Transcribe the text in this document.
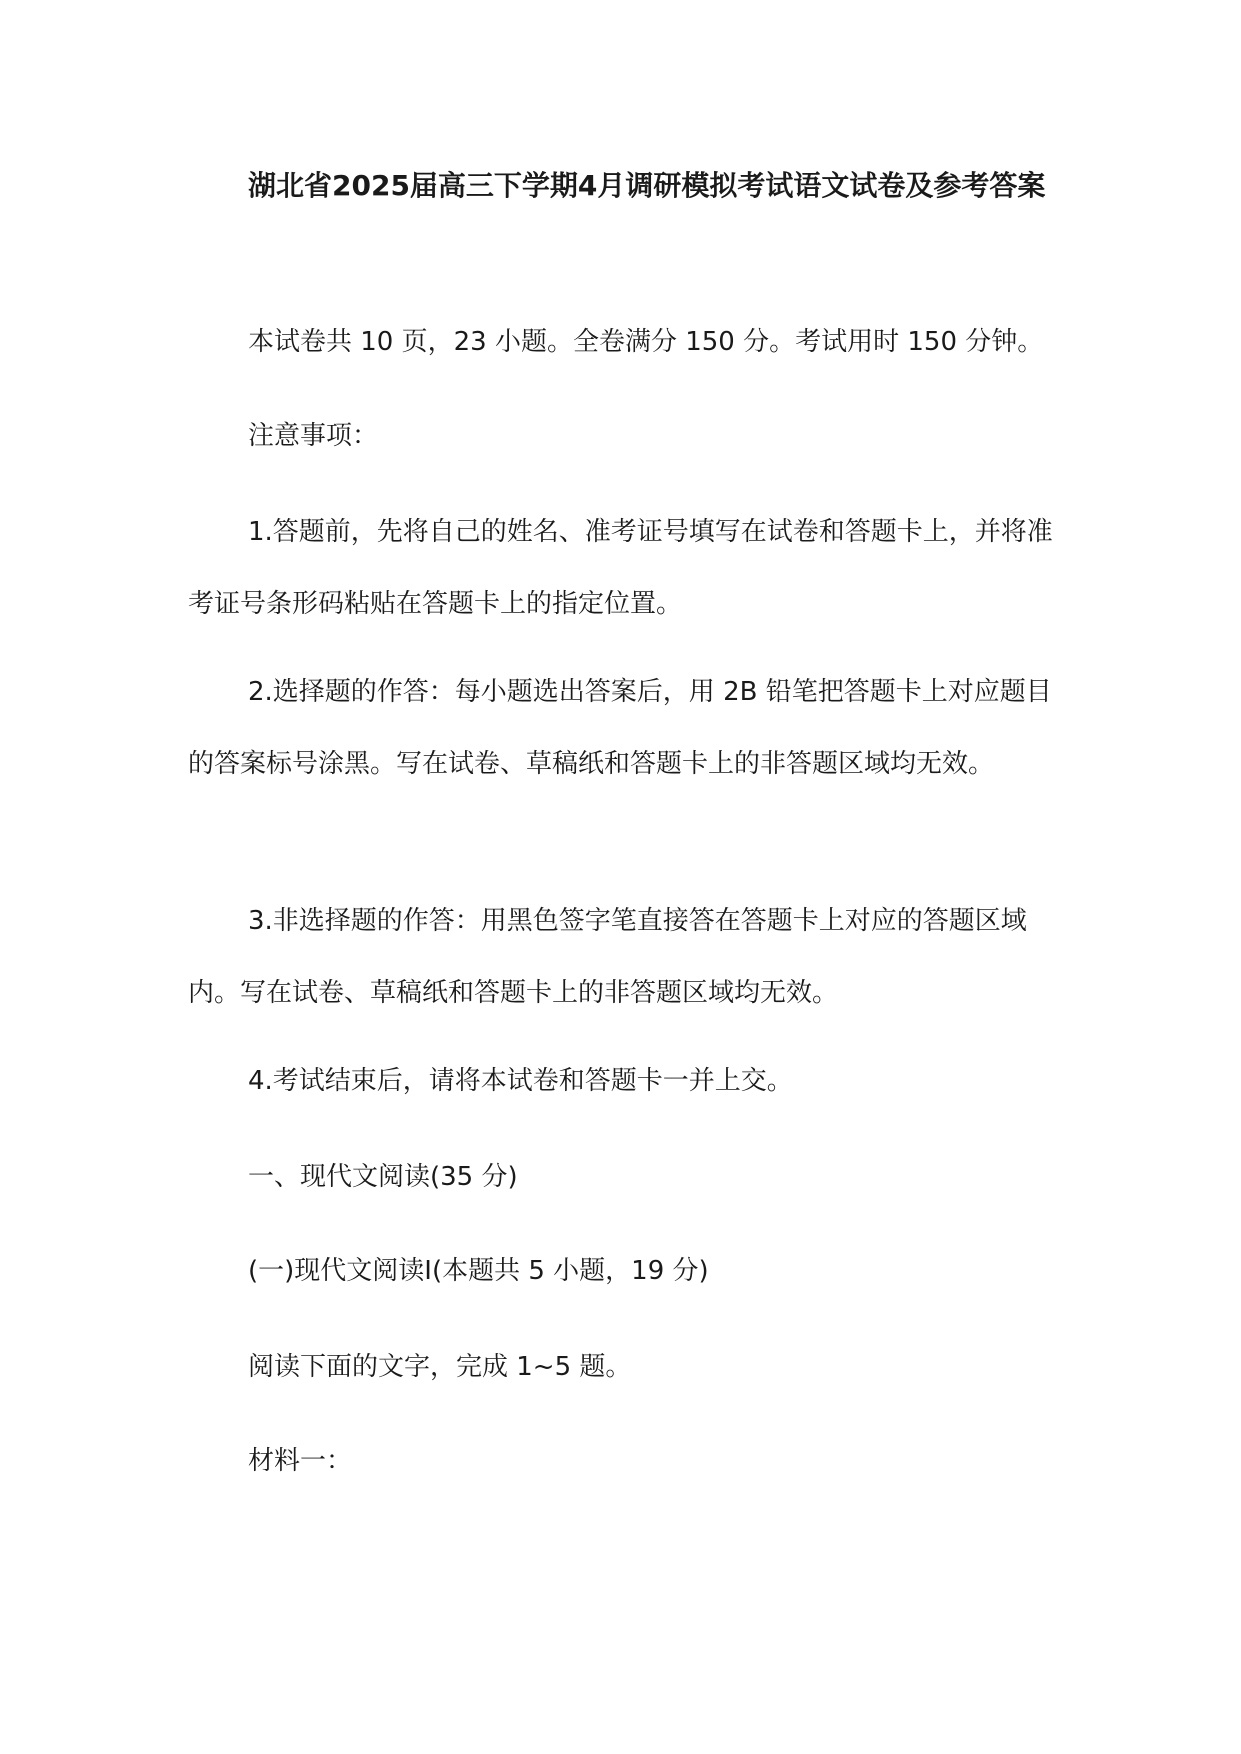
湖北省2025届高三下学期4月调研模拟考试语文试卷及参考答案

本试卷共 10 页，23 小题。全卷满分 150 分。考试用时 150 分钟。

注意事项：

1.答题前，先将自己的姓名、准考证号填写在试卷和答题卡上，并将准考证号条形码粘贴在答题卡上的指定位置。

2.选择题的作答：每小题选出答案后，用 2B 铅笔把答题卡上对应题目的答案标号涂黑。写在试卷、草稿纸和答题卡上的非答题区域均无效。

3.非选择题的作答：用黑色签字笔直接答在答题卡上对应的答题区域内。写在试卷、草稿纸和答题卡上的非答题区域均无效。

4.考试结束后，请将本试卷和答题卡一并上交。

一、现代文阅读(35 分)

(一)现代文阅读Ⅰ(本题共 5 小题，19 分)

阅读下面的文字，完成 1~5 题。

材料一：
